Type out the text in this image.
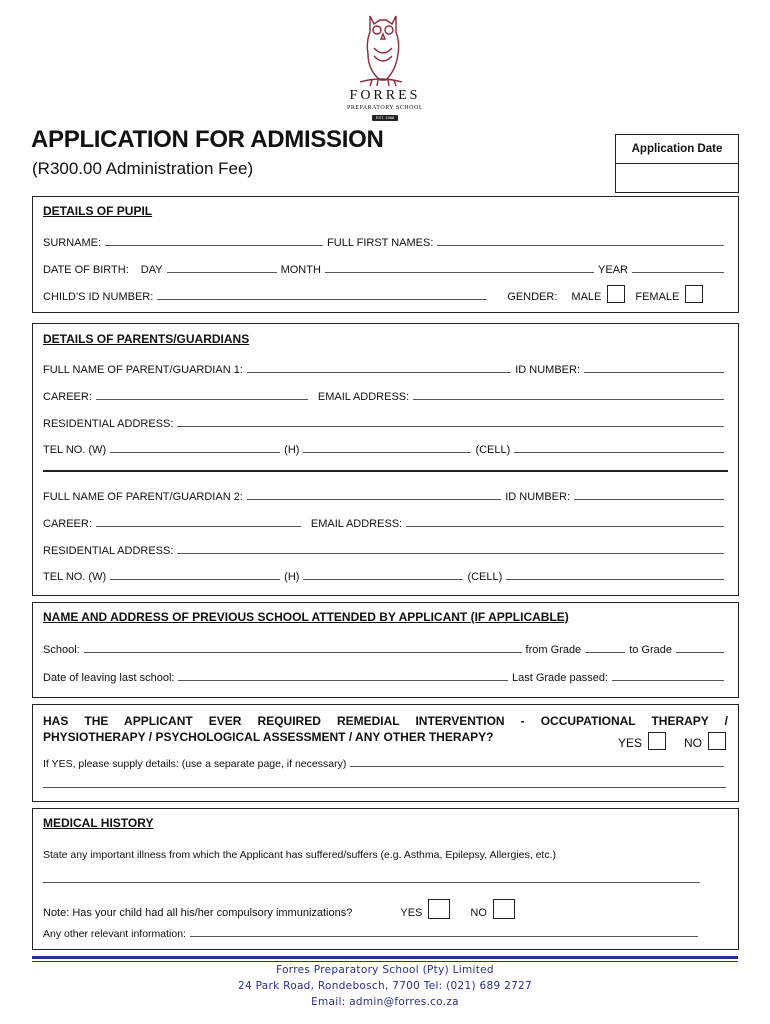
FORRES
PREPARATORY SCHOOL
EST. 1988
APPLICATION FOR ADMISSION
(R300.00 Administration Fee)
Application Date
DETAILS OF PUPIL
SURNAME:	FULL FIRST NAMES:
DATE OF BIRTH: DAY	MONTH	YEAR
CHILD'S ID NUMBER:	GENDER: MALE	FEMALE
DETAILS OF PARENTS/GUARDIANS
FULL NAME OF PARENT/GUARDIAN 1:	ID NUMBER:
CAREER:	EMAIL ADDRESS:
RESIDENTIAL ADDRESS:
TEL NO. (W)	(H)	(CELL)
FULL NAME OF PARENT/GUARDIAN 2:	ID NUMBER:
CAREER:	EMAIL ADDRESS:
RESIDENTIAL ADDRESS:
TEL NO. (W)	(H)	(CELL)
NAME AND ADDRESS OF PREVIOUS SCHOOL ATTENDED BY APPLICANT (IF APPLICABLE)
School:	from Grade	to Grade
Date of leaving last school:	Last Grade passed:
HAS THE APPLICANT EVER REQUIRED REMEDIAL INTERVENTION - OCCUPATIONAL THERAPY /
PHYSIOTHERAPY / PSYCHOLOGICAL ASSESSMENT / ANY OTHER THERAPY?	YES	NO
If YES, please supply details: (use a separate page, if necessary)
MEDICAL HISTORY
State any important illness from which the Applicant has suffered/suffers (e.g. Asthma, Epilepsy, Allergies, etc.)
Note: Has your child had all his/her compulsory immunizations?	YES	NO
Any other relevant information:
Forres Preparatory School (Pty) Limited
24 Park Road, Rondebosch, 7700 Tel: (021) 689 2727
Email: admin@forres.co.za
